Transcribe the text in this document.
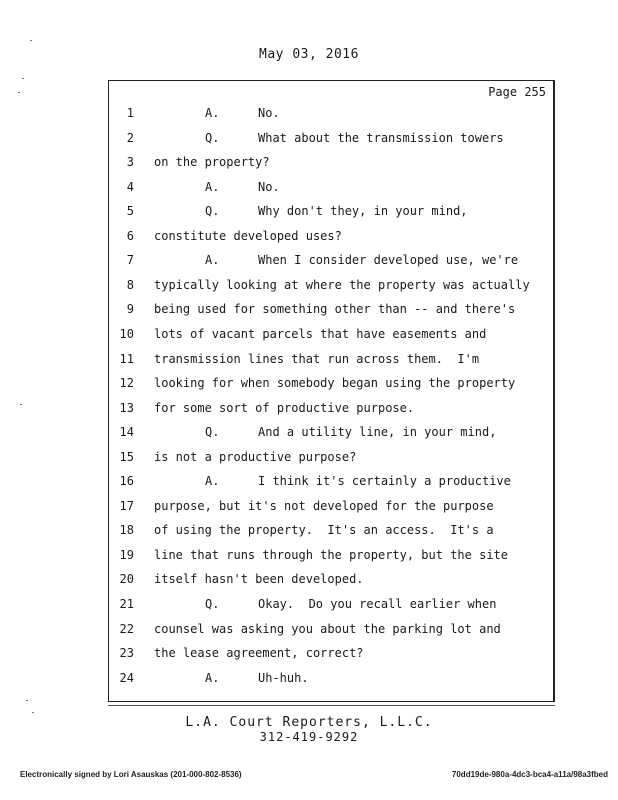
May 03, 2016
Page 255
1	A.	No.
2	Q.	What about the transmission towers
3 on the property?
4	A.	No.
5	Q.	Why don't they, in your mind,
6 constitute developed uses?
7	A.	When I consider developed use, we're
8 typically looking at where the property was actually
9 being used for something other than -- and there's
10 lots of vacant parcels that have easements and
11 transmission lines that run across them.  I'm
12 looking for when somebody began using the property
13 for some sort of productive purpose.
14	Q.	And a utility line, in your mind,
15 is not a productive purpose?
16	A.	I think it's certainly a productive
17 purpose, but it's not developed for the purpose
18 of using the property.  It's an access.  It's a
19 line that runs through the property, but the site
20 itself hasn't been developed.
21	Q.	Okay.  Do you recall earlier when
22 counsel was asking you about the parking lot and
23 the lease agreement, correct?
24	A.	Uh-huh.
L.A. Court Reporters, L.L.C.
312-419-9292
Electronically signed by Lori Asauskas (201-000-802-8536)	70dd19de-980a-4dc3-bca4-a11a/98a3fbed
